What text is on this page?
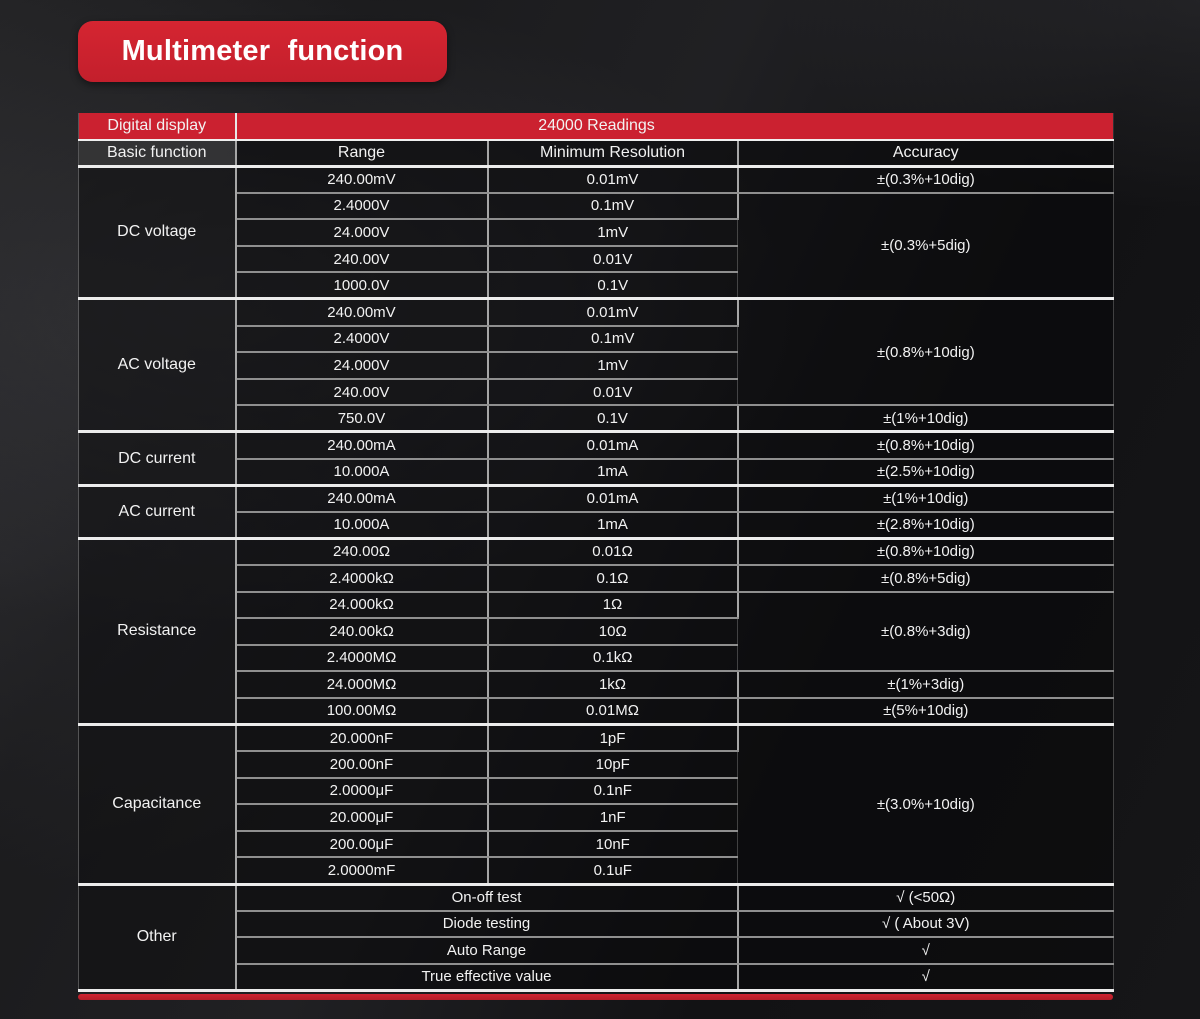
Multimeter function
Digital display	24000 Readings		

Basic function	Range	Minimum Resolution	Accuracy
DC voltage	240.00mV	0.01mV	±(0.3%+10dig)
	2.4000V	0.1mV	±(0.3%+5dig)
	24.000V	1mV	
	240.00V	0.01V	
	1000.0V	0.1V	
AC voltage	240.00mV	0.01mV	±(0.8%+10dig)
	2.4000V	0.1mV	
	24.000V	1mV	
	240.00V	0.01V	
	750.0V	0.1V	±(1%+10dig)
DC current	240.00mA	0.01mA	±(0.8%+10dig)
	10.000A	1mA	±(2.5%+10dig)
AC current	240.00mA	0.01mA	±(1%+10dig)
	10.000A	1mA	±(2.8%+10dig)
Resistance	240.00Ω	0.01Ω	±(0.8%+10dig)
	2.4000kΩ	0.1Ω	±(0.8%+5dig)
	24.000kΩ	1Ω	±(0.8%+3dig)
	240.00kΩ	10Ω	
	2.4000MΩ	0.1kΩ	
	24.000MΩ	1kΩ	±(1%+3dig)
	100.00MΩ	0.01MΩ	±(5%+10dig)
Capacitance	20.000nF	1pF	±(3.0%+10dig)
	200.00nF	10pF	
	2.0000μF	0.1nF	
	20.000μF	1nF	
	200.00μF	10nF	
	2.0000mF	0.1uF	
Other	On-off test		√ (<50Ω)
	Diode testing		√ ( About 3V)
	Auto Range		√
	True effective value		√
